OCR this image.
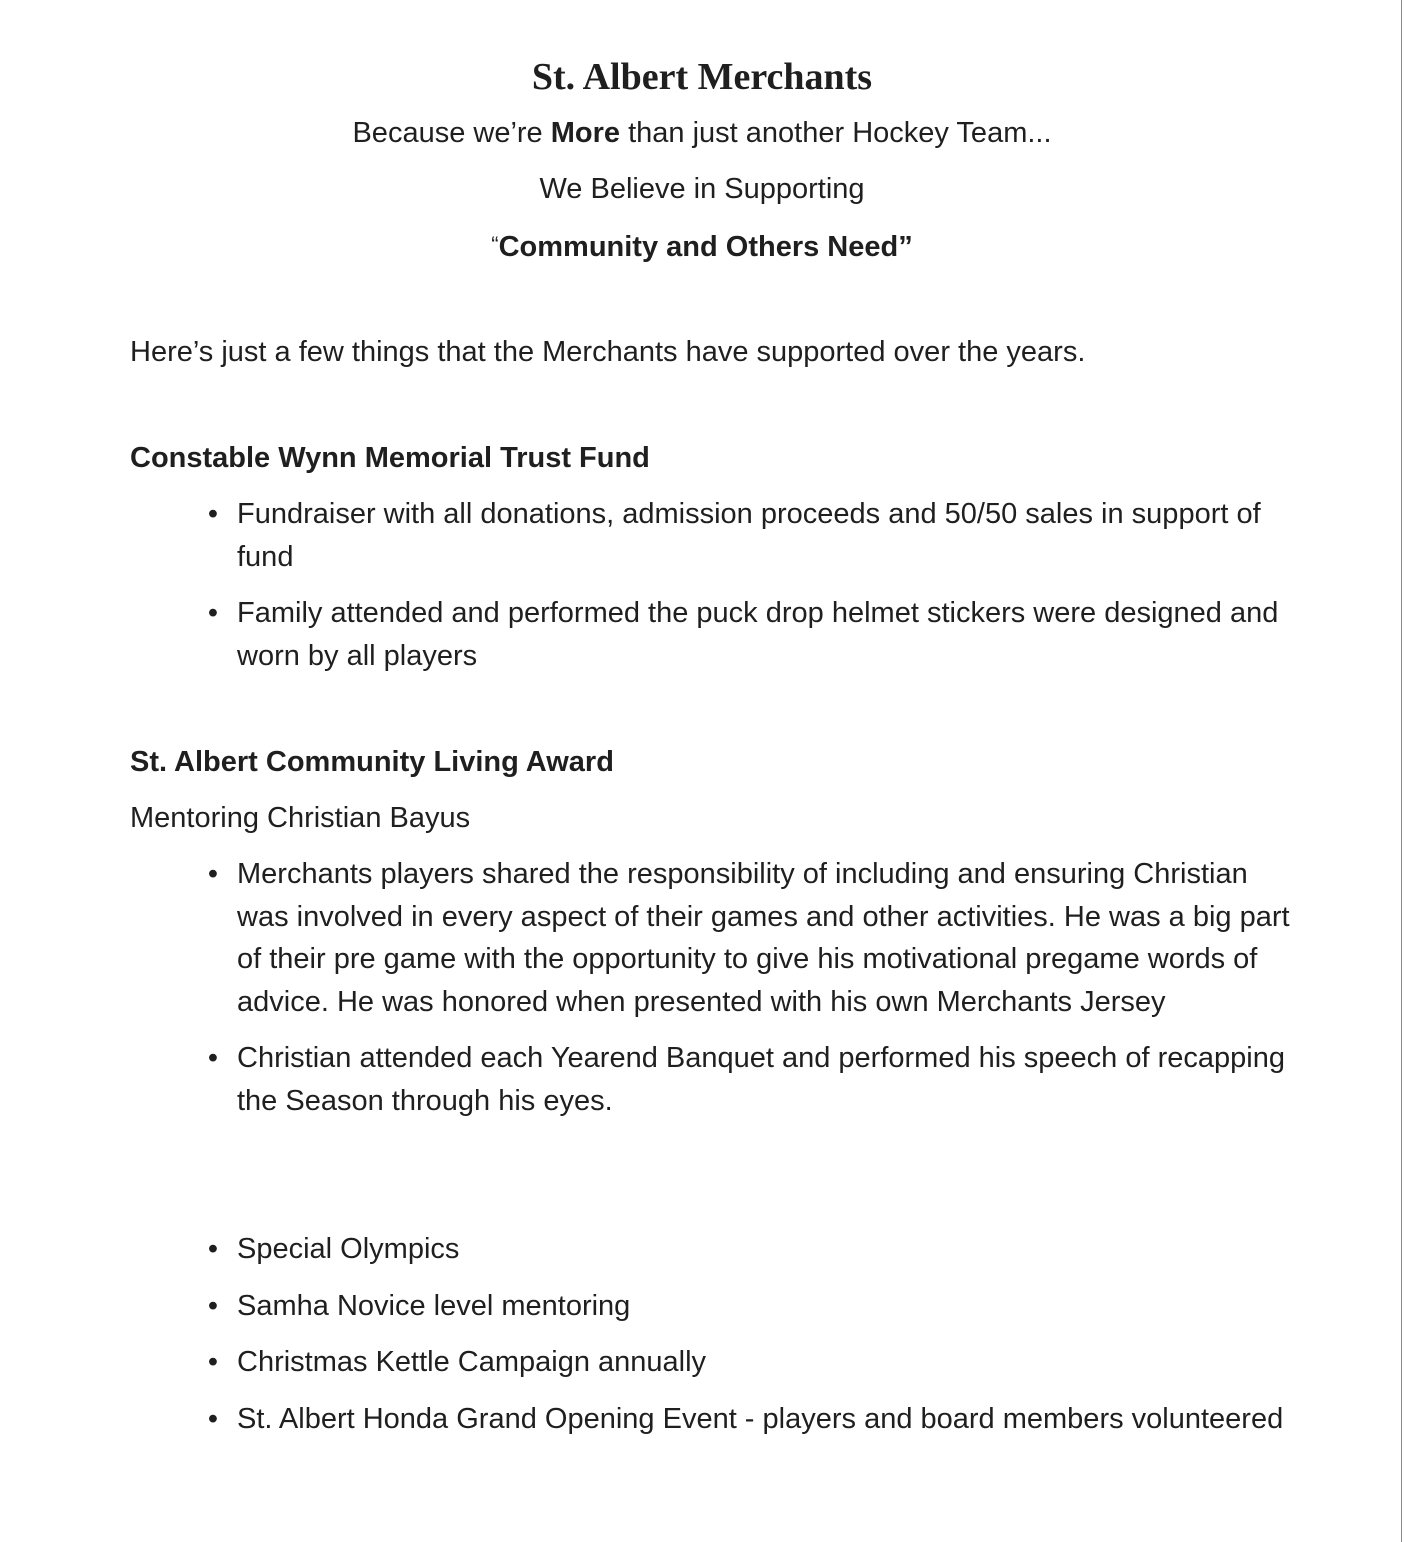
St. Albert Merchants

Because we’re More than just another Hockey Team...

We Believe in Supporting

“Community and Others Need”

Here’s just a few things that the Merchants have supported over the years.

Constable Wynn Memorial Trust Fund
• Fundraiser with all donations, admission proceeds and 50/50 sales in support of fund
• Family attended and performed the puck drop helmet stickers were designed and worn by all players
St. Albert Community Living Award

Mentoring Christian Bayus

• Merchants players shared the responsibility of including and ensuring Christian was involved in every aspect of their games and other activities. He was a big part of their pre game with the opportunity to give his motivational pregame words of advice. He was honored when presented with his own Merchants Jersey
• Christian attended each Yearend Banquet and performed his speech of recapping the Season through his eyes.
• Special Olympics
• Samha Novice level mentoring
• Christmas Kettle Campaign annually
• St. Albert Honda Grand Opening Event - players and board members volunteered
